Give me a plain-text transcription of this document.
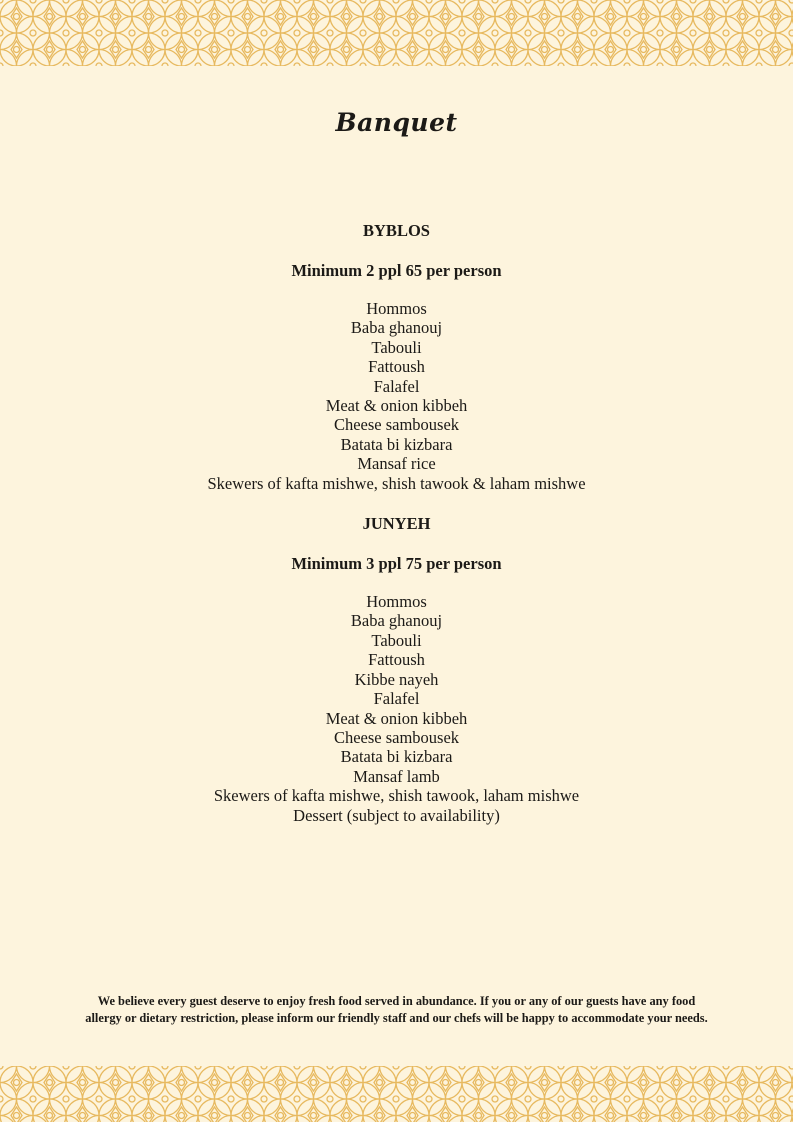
Banquet

BYBLOS

Minimum 2 ppl 65 per person

Hommos
Baba ghanouj
Tabouli
Fattoush
Falafel
Meat & onion kibbeh
Cheese sambousek
Batata bi kizbara
Mansaf rice
Skewers of kafta mishwe, shish tawook & laham mishwe

JUNYEH

Minimum 3 ppl 75 per person

Hommos
Baba ghanouj
Tabouli
Fattoush
Kibbe nayeh
Falafel
Meat & onion kibbeh
Cheese sambousek
Batata bi kizbara
Mansaf lamb
Skewers of kafta mishwe, shish tawook, laham mishwe
Dessert (subject to availability)
We believe every guest deserve to enjoy fresh food served in abundance. If you or any of our guests have any food allergy or dietary restriction, please inform our friendly staff and our chefs will be happy to accommodate your needs.
